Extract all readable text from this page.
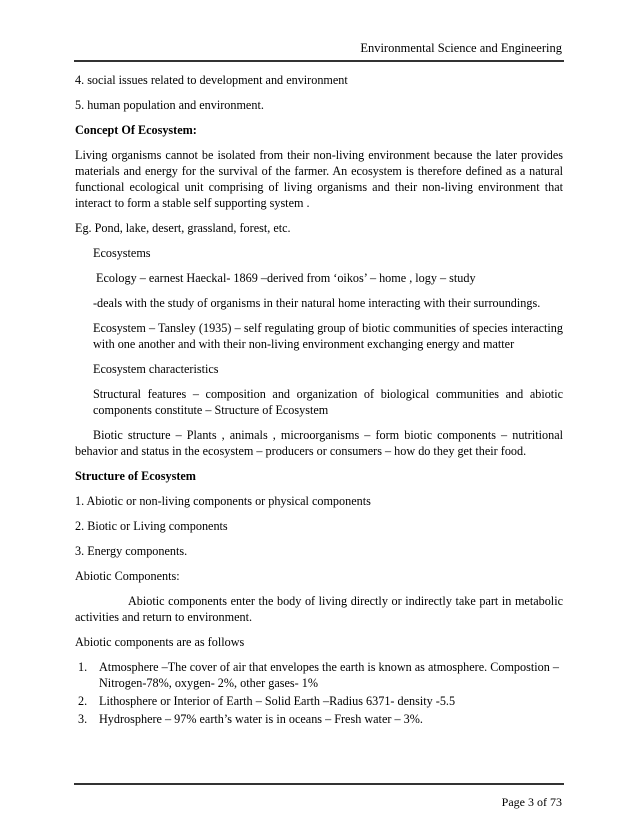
Environmental Science and Engineering

4. social issues related to development and environment

5. human population and environment.

Concept Of Ecosystem:

Living organisms cannot be isolated from their non-living environment because the later provides materials and energy for the survival of the farmer. An ecosystem is therefore defined as a natural functional ecological unit comprising of living organisms and their non-living environment that interact to form a stable self supporting system .

Eg. Pond, lake, desert, grassland, forest, etc.

Ecosystems

Ecology – earnest Haeckal- 1869 –derived from ‘oikos’ – home , logy – study

-deals with the study of organisms in their natural home interacting with their surroundings.

Ecosystem – Tansley (1935) – self regulating group of biotic communities of species interacting with one another and with their non-living environment exchanging energy and matter

Ecosystem characteristics

Structural features – composition and organization of biological communities and abiotic components constitute – Structure of Ecosystem

Biotic structure – Plants , animals , microorganisms – form biotic components – nutritional behavior and status in the ecosystem – producers or consumers – how do they get their food.

Structure of Ecosystem

1. Abiotic or non-living components or physical components

2. Biotic or Living components

3. Energy components.

Abiotic Components:

Abiotic components enter the body of living directly or indirectly take part in metabolic activities and return to environment.

Abiotic components are as follows

1. Atmosphere –The cover of air that envelopes the earth is known as atmosphere. Compostion – Nitrogen-78%, oxygen- 2%, other gases- 1%
2. Lithosphere or Interior of Earth – Solid Earth –Radius 6371- density -5.5
3. Hydrosphere – 97% earth’s water is in oceans – Fresh water – 3%.
Page 3 of 73
